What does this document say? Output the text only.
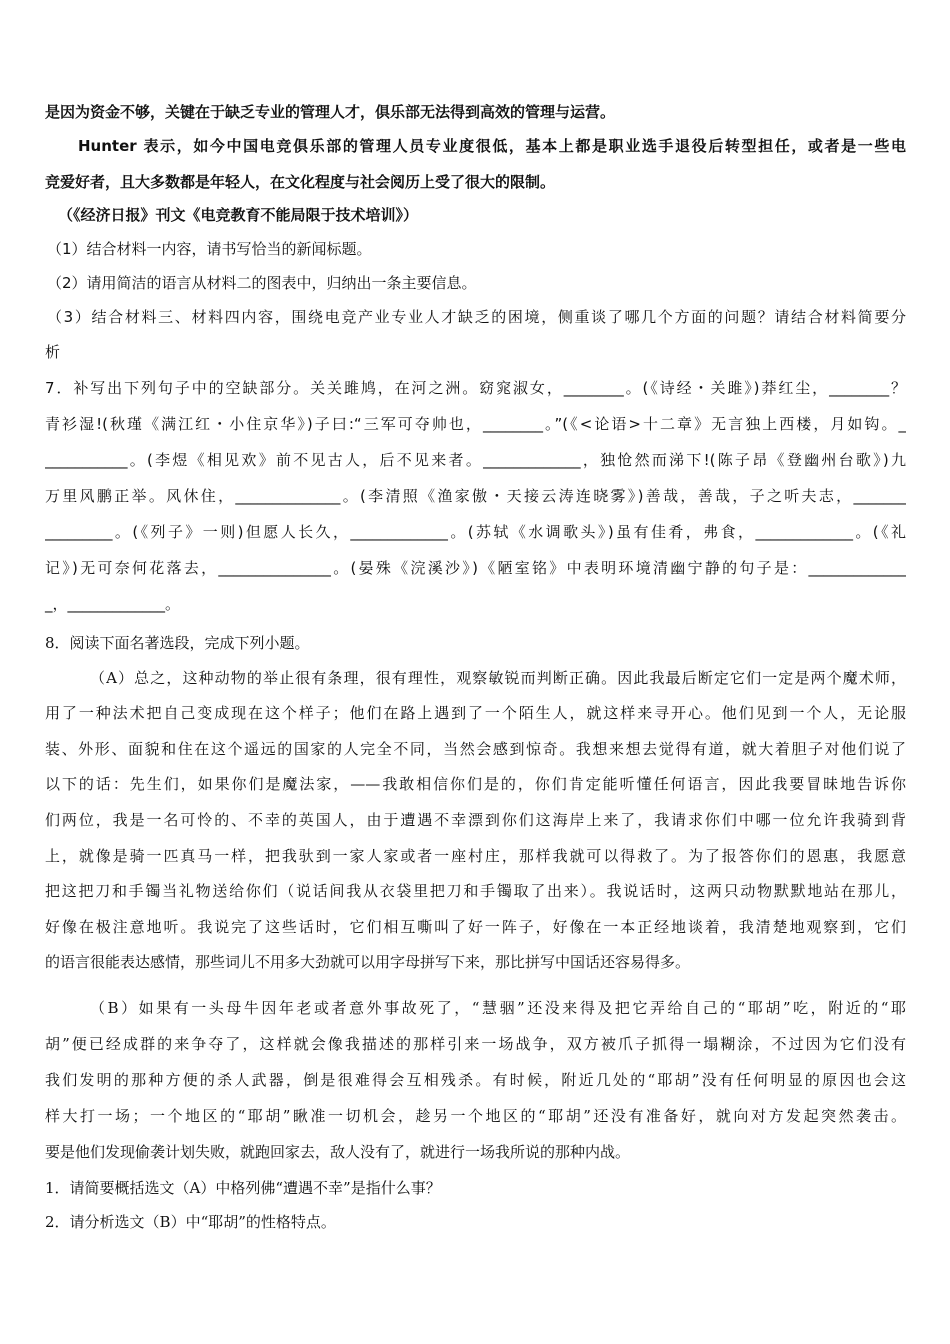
是因为资金不够，关键在于缺乏专业的管理人才，俱乐部无法得到高效的管理与运营。
Hunter 表示，如今中国电竞俱乐部的管理人员专业度很低，基本上都是职业选手退役后转型担任，或者是一些电
竞爱好者，且大多数都是年轻人，在文化程度与社会阅历上受了很大的限制。
（《经济日报》刊文《电竞教育不能局限于技术培训》）
（1）结合材料一内容，请书写恰当的新闻标题。
（2）请用简洁的语言从材料二的图表中，归纳出一条主要信息。
（3）结合材料三、材料四内容，围绕电竞产业专业人才缺乏的困境，侧重谈了哪几个方面的问题？请结合材料简要分
析
7．补写出下列句子中的空缺部分。关关雎鸠，在河之洲。窈窕淑女，________。(《诗经・关雎》)莽红尘，________？
青衫湿!(秋瑾《满江红・小住京华》)子曰:“三军可夺帅也，________。”(《<论语>十二章》无言独上西楼，月如钩。_
___________。(李煜《相见欢》前不见古人，后不见来者。_____________，独怆然而涕下!(陈子昂《登幽州台歌》)九
万里风鹏正举。风休住，______________。(李清照《渔家傲・天接云涛连晓雾》)善哉，善哉，子之听夫志，_______
_________。(《列子》一则)但愿人长久，_____________。(苏轼《水调歌头》)虽有佳肴，弗食，_____________。(《礼
记》)无可奈何花落去，_______________。(晏殊《浣溪沙》)《陋室铭》中表明环境清幽宁静的句子是：_____________
_，_____________。
8．阅读下面名著选段，完成下列小题。
（A）总之，这种动物的举止很有条理，很有理性，观察敏锐而判断正确。因此我最后断定它们一定是两个魔术师，
用了一种法术把自己变成现在这个样子；他们在路上遇到了一个陌生人，就这样来寻开心。他们见到一个人，无论服
装、外形、面貌和住在这个遥远的国家的人完全不同，当然会感到惊奇。我想来想去觉得有道，就大着胆子对他们说了
以下的话：先生们，如果你们是魔法家，——我敢相信你们是的，你们肯定能听懂任何语言，因此我要冒昧地告诉你
们两位，我是一名可怜的、不幸的英国人，由于遭遇不幸漂到你们这海岸上来了，我请求你们中哪一位允许我骑到背
上，就像是骑一匹真马一样，把我驮到一家人家或者一座村庄，那样我就可以得救了。为了报答你们的恩惠，我愿意
把这把刀和手镯当礼物送给你们（说话间我从衣袋里把刀和手镯取了出来）。我说话时，这两只动物默默地站在那儿，
好像在极注意地听。我说完了这些话时，它们相互嘶叫了好一阵子，好像在一本正经地谈着，我清楚地观察到，它们
的语言很能表达感情，那些词儿不用多大劲就可以用字母拼写下来，那比拼写中国话还容易得多。
（B）如果有一头母牛因年老或者意外事故死了，“慧骃”还没来得及把它弄给自己的“耶胡”吃，附近的“耶
胡”便已经成群的来争夺了，这样就会像我描述的那样引来一场战争，双方被爪子抓得一塌糊涂，不过因为它们没有
我们发明的那种方便的杀人武器，倒是很难得会互相残杀。有时候，附近几处的“耶胡”没有任何明显的原因也会这
样大打一场；一个地区的“耶胡”瞅准一切机会，趁另一个地区的“耶胡”还没有准备好，就向对方发起突然袭击。
要是他们发现偷袭计划失败，就跑回家去，敌人没有了，就进行一场我所说的那种内战。
1．请简要概括选文（A）中格列佛“遭遇不幸”是指什么事？
2．请分析选文（B）中“耶胡”的性格特点。
